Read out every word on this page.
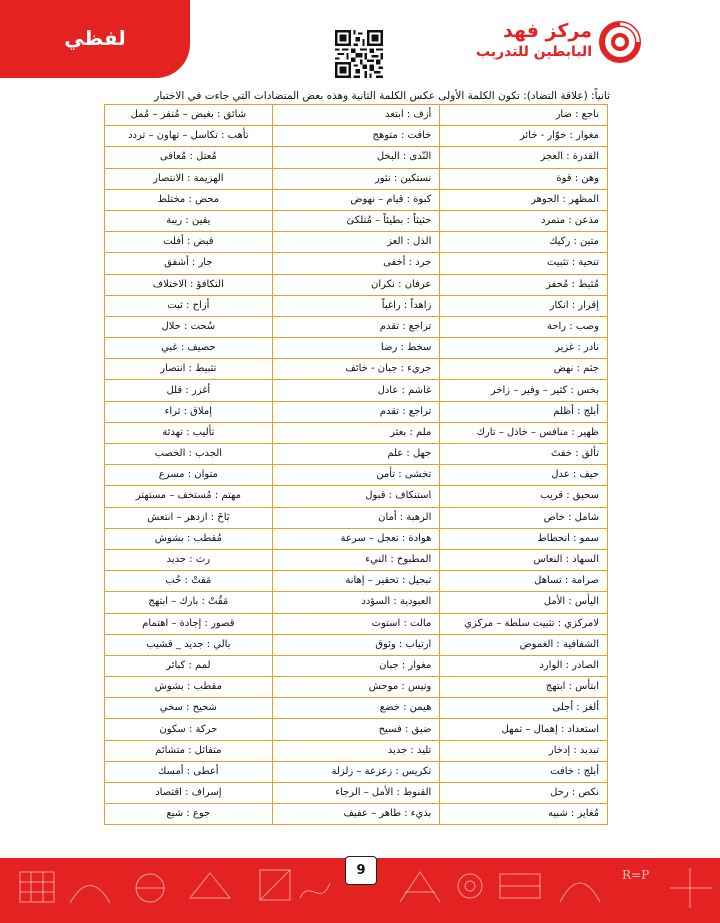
لفظي	مركز فهد
البابطين للتدريب
ثانياً: (علاقة التضاد): تكون الكلمة الأولى عكس الكلمة الثانية وهذه بعض المتضادات التي جاءت في الاختبار
ناجع : ضار	أزف : ابتعد	شائق : بغيض – مُنفر – مُمل
مغوار : خوّار - خائر	خافت : متوهج	تأهب : تكاسل – تهاون – تردد
القدرة : العجز	النّدى : البخل	مُعتل : مُعافى
وهن : قوة	نستكين : نثور	الهزيمة : الانتصار
المظهر : الجوهر	كبوة : قيام – نهوض	محض : مختلط
مذعن : متمرد	حثيثاً : بطيئاً – مُتلكئ	يقين : ريبة
متين : ركيك	الذل : العز	قبض : أفلت
تنحية : تثبيت	جرد : أخفى	جار : أشفق
مُثبط : مُحفز	عرفان : نكران	التكافؤ : الاختلاف
إقرار : انكار	زاهداً : راغباً	أزاح : ثبت
وصب : راحة	تراجع : تقدم	سُحت : حلال
نادر : غزير	سخط : رضا	حصيف : غبي
جثم : نهض	جريء : جبان - خائف	تثبيط : انتصار
بخس : كثير – وفير – زاخر	غاشم : عادل	أغزر : قلل
أبلج : أظلم	تراجع : تقدم	إملاق : ثراء
ظهير : منافس – خاذل – تارك	ملم : بعثر	تأليب : تهدئة
تألق : خفتَ	جهل : علم	الجدب : الخصب
حيف : عدل	تخشى : تأمن	متوان : مسرع
سحيق : قريب	استنكاف : قبول	مهتم : مُستخف – مستهتر
شامل : خاص	الرهبة : أمان	بَاخَ : ازدهر – انتعش
سمو : انحطاط	هوادة : تعجل – سرعة	مُقطب : بشوش
السهاد : النعاس	المطبوخ : النيء	رث : جديد
صرامة : تساهل	تبجيل : تحقير – إهانة	مَقتْ : حُب
اليأس : الأمل	العبودية : السؤدد	مَقُتْ : بارك – ابتهج
لامركزي : تثبيت سلطة – مركزي	مالت : استوت	قصور : إجادة – اهتمام
الشفافية : الغموض	ارتياب : وثوق	بالي : جديد _ قشيب
الصادر : الوارد	مغوار : جبان	لمم : كبائر
ابتأس : ابتهج	ونيس : موحش	مقطب : بشوش
ألغز : أجلى	هيمن : خضع	شحيح : سخي
استعداد : إهمال – تمهل	ضيق : فسيح	حركة : سكون
تبديد : إدخار	تليد : جديد	متفائل : متشائم
أبلج : خافت	تكريس : زعزعة – زلزلة	أعطى : أمسك
نكص : رحل	القنوط : الأمل – الرجاء	إسراف : اقتصاد
مُغاير : شبيه	بذيء : طاهر – عفيف	جوع : شبع
R=P
9
